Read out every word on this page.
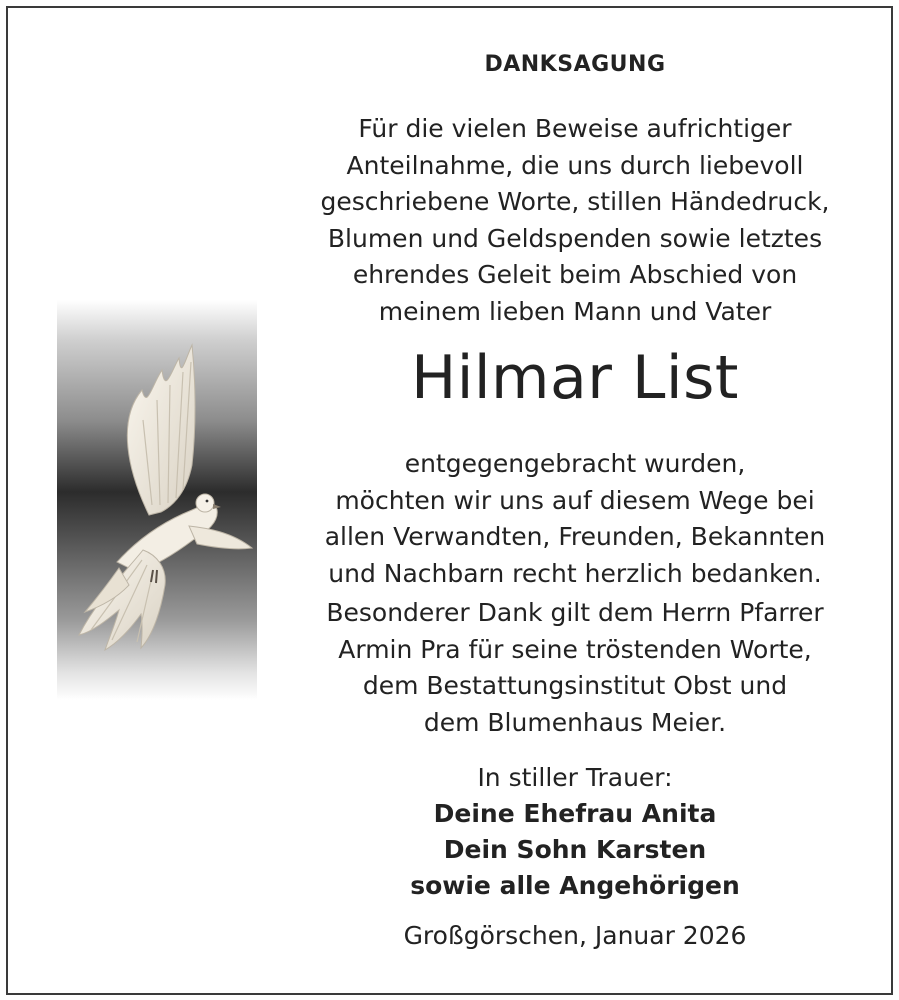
DANKSAGUNG
Für die vielen Beweise aufrichtiger
Anteilnahme, die uns durch liebevoll
geschriebene Worte, stillen Händedruck,
Blumen und Geldspenden sowie letztes
ehrendes Geleit beim Abschied von
meinem lieben Mann und Vater
Hilmar List
entgegengebracht wurden,
möchten wir uns auf diesem Wege bei
allen Verwandten, Freunden, Bekannten
und Nachbarn recht herzlich bedanken.
Besonderer Dank gilt dem Herrn Pfarrer
Armin Pra für seine tröstenden Worte,
dem Bestattungsinstitut Obst und
dem Blumenhaus Meier.
In stiller Trauer:
Deine Ehefrau Anita
Dein Sohn Karsten
sowie alle Angehörigen
Großgörschen, Januar 2026
